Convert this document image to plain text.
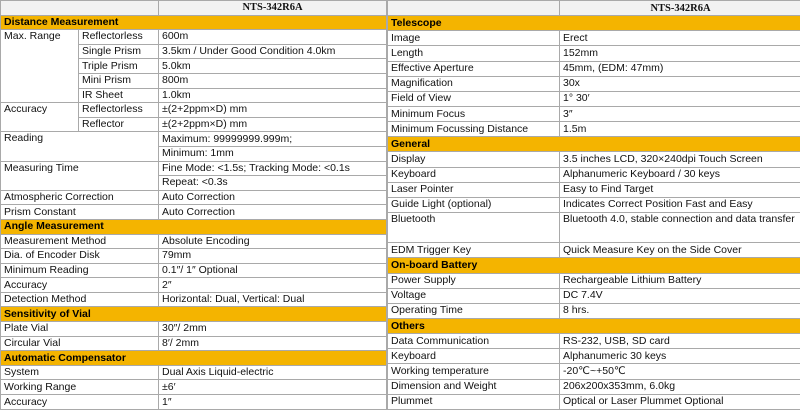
		NTS-342R6A
Distance Measurement		
Max. Range	Reflectorless	600m
	Single Prism	3.5km / Under Good Condition 4.0km
	Triple Prism	5.0km
	Mini Prism	800m
	IR Sheet	1.0km
Accuracy	Reflectorless	±(2+2ppm×D) mm
	Reflector	±(2+2ppm×D) mm
Reading		Maximum: 99999999.999m;
		Minimum: 1mm
Measuring Time		Fine Mode: <1.5s; Tracking Mode: <0.1s
		Repeat: <0.3s
Atmospheric Correction		Auto Correction
Prism Constant		Auto Correction
Angle Measurement		
Measurement Method		Absolute Encoding
Dia. of Encoder Disk		79mm
Minimum Reading		0.1″/ 1″ Optional
Accuracy		2″
Detection Method		Horizontal: Dual, Vertical: Dual
Sensitivity of Vial		
Plate Vial		30″/ 2mm
Circular Vial		8′/ 2mm
Automatic Compensator		
System		Dual Axis Liquid-electric
Working Range		±6′
Accuracy		1″
	NTS-342R6A
Telescope	
Image	Erect
Length	152mm
Effective Aperture	45mm, (EDM: 47mm)
Magnification	30x
Field of View	1° 30′
Minimum Focus	3″
Minimum Focussing Distance	1.5m
General	
Display	3.5 inches LCD, 320×240dpi Touch Screen
Keyboard	Alphanumeric Keyboard / 30 keys
Laser Pointer	Easy to Find Target
Guide Light (optional)	Indicates Correct Position Fast and Easy
Bluetooth	Bluetooth 4.0, stable connection and data transfer
EDM Trigger Key	Quick Measure Key on the Side Cover
On-board Battery	
Power Supply	Rechargeable Lithium Battery
Voltage	DC 7.4V
Operating Time	8 hrs.
Others	
Data Communication	RS-232, USB, SD card
Keyboard	Alphanumeric 30 keys
Working temperature	-20℃~+50℃
Dimension and Weight	206x200x353mm, 6.0kg
Plummet	Optical or Laser Plummet Optional
